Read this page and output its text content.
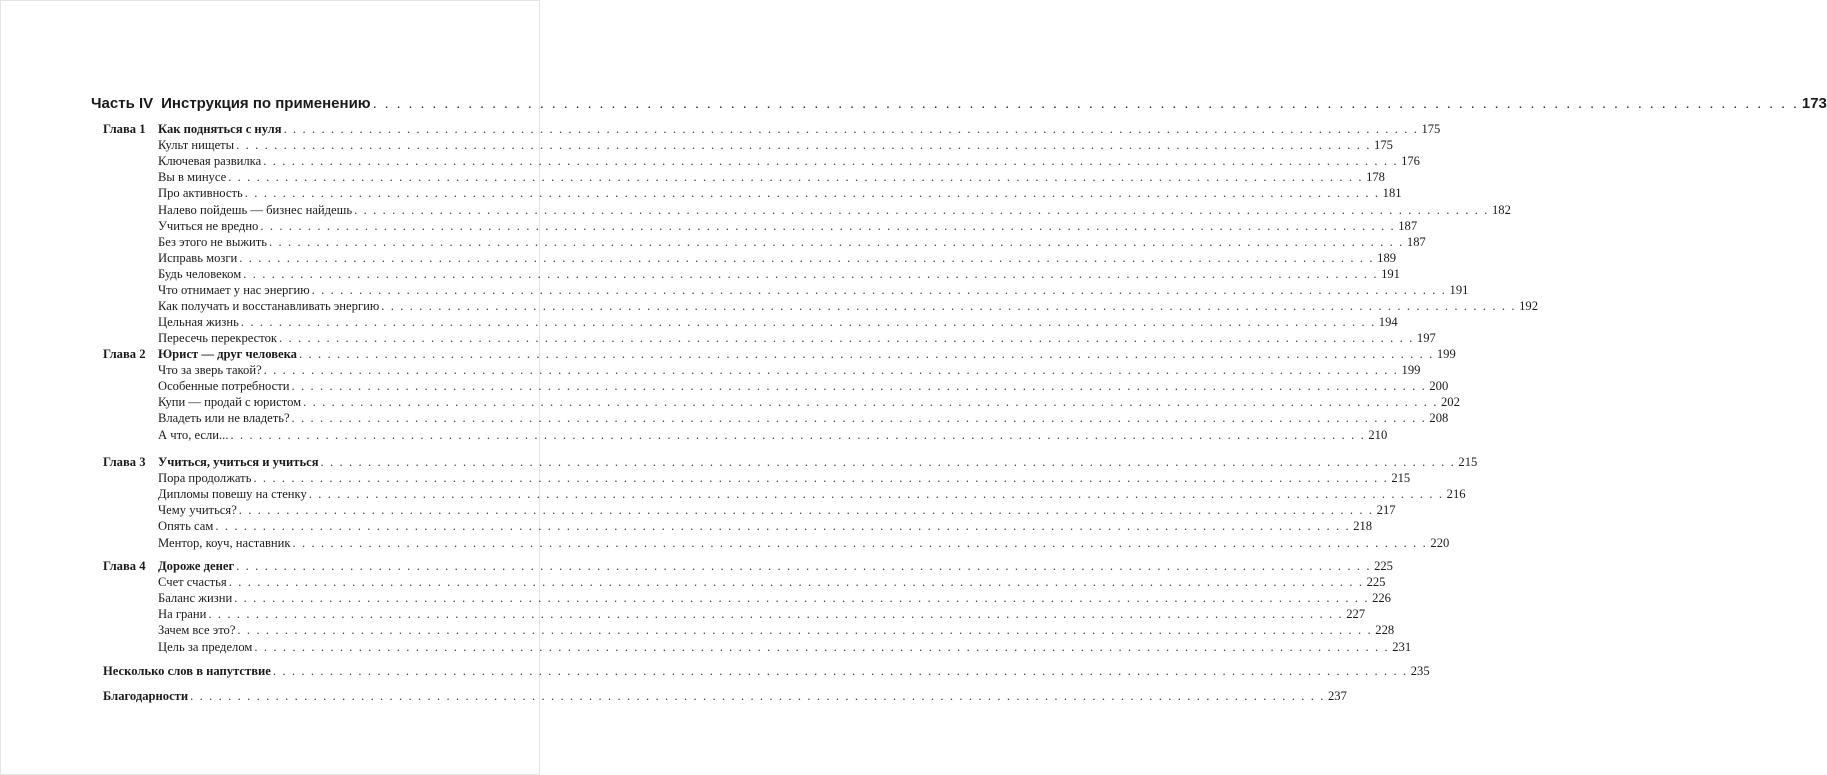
Часть IV Инструкция по применению . . . . . . . . . . . . . . . . . . . . . . . . . . . . . . . . . . . . . . . . . . . . . . . . . . . . . . . . . . . . . . . . . . . . . . . . . . . . . . . . . . . . . . . . . . . . . . . . . . . . . . . . . . . . . . . . . . . . . . . . 173
Глава 1 Как подняться с нуля . . . . . . . . . . . . . . . . . . . . . . . . . . . . . . . . . . . . . . . . . . . . . . . . . . . . . . . . . . . . . . . . . . . . . . . . . . . . . . . . . . . . . . . . . . . . . . . . . . . . . . . . . . . . . . . . . . . . . . . . 175
Культ нищеты . . . . . . . . . . . . . . . . . . . . . . . . . . . . . . . . . . . . . . . . . . . . . . . . . . . . . . . . . . . . . . . . . . . . . . . . . . . . . . . . . . . . . . . . . . . . . . . . . . . . . . . . . . . . . . . . . . . . . . . . 175
Ключевая развилка . . . . . . . . . . . . . . . . . . . . . . . . . . . . . . . . . . . . . . . . . . . . . . . . . . . . . . . . . . . . . . . . . . . . . . . . . . . . . . . . . . . . . . . . . . . . . . . . . . . . . . . . . . . . . . . . . . . . . . . . 176
Вы в минусе . . . . . . . . . . . . . . . . . . . . . . . . . . . . . . . . . . . . . . . . . . . . . . . . . . . . . . . . . . . . . . . . . . . . . . . . . . . . . . . . . . . . . . . . . . . . . . . . . . . . . . . . . . . . . . . . . . . . . . . . 178
Про активность . . . . . . . . . . . . . . . . . . . . . . . . . . . . . . . . . . . . . . . . . . . . . . . . . . . . . . . . . . . . . . . . . . . . . . . . . . . . . . . . . . . . . . . . . . . . . . . . . . . . . . . . . . . . . . . . . . . . . . . . 181
Налево пойдешь — бизнес найдешь . . . . . . . . . . . . . . . . . . . . . . . . . . . . . . . . . . . . . . . . . . . . . . . . . . . . . . . . . . . . . . . . . . . . . . . . . . . . . . . . . . . . . . . . . . . . . . . . . . . . . . . . . . . . . . . . . . . . . . . . 182
Учиться не вредно . . . . . . . . . . . . . . . . . . . . . . . . . . . . . . . . . . . . . . . . . . . . . . . . . . . . . . . . . . . . . . . . . . . . . . . . . . . . . . . . . . . . . . . . . . . . . . . . . . . . . . . . . . . . . . . . . . . . . . . . 187
Без этого не выжить . . . . . . . . . . . . . . . . . . . . . . . . . . . . . . . . . . . . . . . . . . . . . . . . . . . . . . . . . . . . . . . . . . . . . . . . . . . . . . . . . . . . . . . . . . . . . . . . . . . . . . . . . . . . . . . . . . . . . . . . 187
Исправь мозги . . . . . . . . . . . . . . . . . . . . . . . . . . . . . . . . . . . . . . . . . . . . . . . . . . . . . . . . . . . . . . . . . . . . . . . . . . . . . . . . . . . . . . . . . . . . . . . . . . . . . . . . . . . . . . . . . . . . . . . . 189
Будь человеком . . . . . . . . . . . . . . . . . . . . . . . . . . . . . . . . . . . . . . . . . . . . . . . . . . . . . . . . . . . . . . . . . . . . . . . . . . . . . . . . . . . . . . . . . . . . . . . . . . . . . . . . . . . . . . . . . . . . . . . . 191
Что отнимает у нас энергию . . . . . . . . . . . . . . . . . . . . . . . . . . . . . . . . . . . . . . . . . . . . . . . . . . . . . . . . . . . . . . . . . . . . . . . . . . . . . . . . . . . . . . . . . . . . . . . . . . . . . . . . . . . . . . . . . . . . . . . . 191
Как получать и восстанавливать энергию . . . . . . . . . . . . . . . . . . . . . . . . . . . . . . . . . . . . . . . . . . . . . . . . . . . . . . . . . . . . . . . . . . . . . . . . . . . . . . . . . . . . . . . . . . . . . . . . . . . . . . . . . . . . . . . . . . . . . . . . 192
Цельная жизнь . . . . . . . . . . . . . . . . . . . . . . . . . . . . . . . . . . . . . . . . . . . . . . . . . . . . . . . . . . . . . . . . . . . . . . . . . . . . . . . . . . . . . . . . . . . . . . . . . . . . . . . . . . . . . . . . . . . . . . . . 194
Пересечь перекресток . . . . . . . . . . . . . . . . . . . . . . . . . . . . . . . . . . . . . . . . . . . . . . . . . . . . . . . . . . . . . . . . . . . . . . . . . . . . . . . . . . . . . . . . . . . . . . . . . . . . . . . . . . . . . . . . . . . . . . . . 197
Глава 2 Юрист — друг человека . . . . . . . . . . . . . . . . . . . . . . . . . . . . . . . . . . . . . . . . . . . . . . . . . . . . . . . . . . . . . . . . . . . . . . . . . . . . . . . . . . . . . . . . . . . . . . . . . . . . . . . . . . . . . . . . . . . . . . . . 199
Что за зверь такой? . . . . . . . . . . . . . . . . . . . . . . . . . . . . . . . . . . . . . . . . . . . . . . . . . . . . . . . . . . . . . . . . . . . . . . . . . . . . . . . . . . . . . . . . . . . . . . . . . . . . . . . . . . . . . . . . . . . . . . . . 199
Особенные потребности . . . . . . . . . . . . . . . . . . . . . . . . . . . . . . . . . . . . . . . . . . . . . . . . . . . . . . . . . . . . . . . . . . . . . . . . . . . . . . . . . . . . . . . . . . . . . . . . . . . . . . . . . . . . . . . . . . . . . . . . 200
Купи — продай с юристом . . . . . . . . . . . . . . . . . . . . . . . . . . . . . . . . . . . . . . . . . . . . . . . . . . . . . . . . . . . . . . . . . . . . . . . . . . . . . . . . . . . . . . . . . . . . . . . . . . . . . . . . . . . . . . . . . . . . . . . . 202
Владеть или не владеть? . . . . . . . . . . . . . . . . . . . . . . . . . . . . . . . . . . . . . . . . . . . . . . . . . . . . . . . . . . . . . . . . . . . . . . . . . . . . . . . . . . . . . . . . . . . . . . . . . . . . . . . . . . . . . . . . . . . . . . . . 208
А что, если... . . . . . . . . . . . . . . . . . . . . . . . . . . . . . . . . . . . . . . . . . . . . . . . . . . . . . . . . . . . . . . . . . . . . . . . . . . . . . . . . . . . . . . . . . . . . . . . . . . . . . . . . . . . . . . . . . . . . . . . . 210
Глава 3 Учиться, учиться и учиться . . . . . . . . . . . . . . . . . . . . . . . . . . . . . . . . . . . . . . . . . . . . . . . . . . . . . . . . . . . . . . . . . . . . . . . . . . . . . . . . . . . . . . . . . . . . . . . . . . . . . . . . . . . . . . . . . . . . . . . . 215
Пора продолжать . . . . . . . . . . . . . . . . . . . . . . . . . . . . . . . . . . . . . . . . . . . . . . . . . . . . . . . . . . . . . . . . . . . . . . . . . . . . . . . . . . . . . . . . . . . . . . . . . . . . . . . . . . . . . . . . . . . . . . . . 215
Дипломы повешу на стенку . . . . . . . . . . . . . . . . . . . . . . . . . . . . . . . . . . . . . . . . . . . . . . . . . . . . . . . . . . . . . . . . . . . . . . . . . . . . . . . . . . . . . . . . . . . . . . . . . . . . . . . . . . . . . . . . . . . . . . . . 216
Чему учиться? . . . . . . . . . . . . . . . . . . . . . . . . . . . . . . . . . . . . . . . . . . . . . . . . . . . . . . . . . . . . . . . . . . . . . . . . . . . . . . . . . . . . . . . . . . . . . . . . . . . . . . . . . . . . . . . . . . . . . . . . 217
Опять сам . . . . . . . . . . . . . . . . . . . . . . . . . . . . . . . . . . . . . . . . . . . . . . . . . . . . . . . . . . . . . . . . . . . . . . . . . . . . . . . . . . . . . . . . . . . . . . . . . . . . . . . . . . . . . . . . . . . . . . . . 218
Ментор, коуч, наставник . . . . . . . . . . . . . . . . . . . . . . . . . . . . . . . . . . . . . . . . . . . . . . . . . . . . . . . . . . . . . . . . . . . . . . . . . . . . . . . . . . . . . . . . . . . . . . . . . . . . . . . . . . . . . . . . . . . . . . . . 220
Глава 4 Дороже денег . . . . . . . . . . . . . . . . . . . . . . . . . . . . . . . . . . . . . . . . . . . . . . . . . . . . . . . . . . . . . . . . . . . . . . . . . . . . . . . . . . . . . . . . . . . . . . . . . . . . . . . . . . . . . . . . . . . . . . . . 225
Счет счастья . . . . . . . . . . . . . . . . . . . . . . . . . . . . . . . . . . . . . . . . . . . . . . . . . . . . . . . . . . . . . . . . . . . . . . . . . . . . . . . . . . . . . . . . . . . . . . . . . . . . . . . . . . . . . . . . . . . . . . . . 225
Баланс жизни . . . . . . . . . . . . . . . . . . . . . . . . . . . . . . . . . . . . . . . . . . . . . . . . . . . . . . . . . . . . . . . . . . . . . . . . . . . . . . . . . . . . . . . . . . . . . . . . . . . . . . . . . . . . . . . . . . . . . . . . 226
На грани . . . . . . . . . . . . . . . . . . . . . . . . . . . . . . . . . . . . . . . . . . . . . . . . . . . . . . . . . . . . . . . . . . . . . . . . . . . . . . . . . . . . . . . . . . . . . . . . . . . . . . . . . . . . . . . . . . . . . . . . 227
Зачем все это? . . . . . . . . . . . . . . . . . . . . . . . . . . . . . . . . . . . . . . . . . . . . . . . . . . . . . . . . . . . . . . . . . . . . . . . . . . . . . . . . . . . . . . . . . . . . . . . . . . . . . . . . . . . . . . . . . . . . . . . . 228
Цель за пределом . . . . . . . . . . . . . . . . . . . . . . . . . . . . . . . . . . . . . . . . . . . . . . . . . . . . . . . . . . . . . . . . . . . . . . . . . . . . . . . . . . . . . . . . . . . . . . . . . . . . . . . . . . . . . . . . . . . . . . . . 231
Несколько слов в напутствие . . . . . . . . . . . . . . . . . . . . . . . . . . . . . . . . . . . . . . . . . . . . . . . . . . . . . . . . . . . . . . . . . . . . . . . . . . . . . . . . . . . . . . . . . . . . . . . . . . . . . . . . . . . . . . . . . . . . . . . . 235
Благодарности . . . . . . . . . . . . . . . . . . . . . . . . . . . . . . . . . . . . . . . . . . . . . . . . . . . . . . . . . . . . . . . . . . . . . . . . . . . . . . . . . . . . . . . . . . . . . . . . . . . . . . . . . . . . . . . . . . . . . . . . 237
